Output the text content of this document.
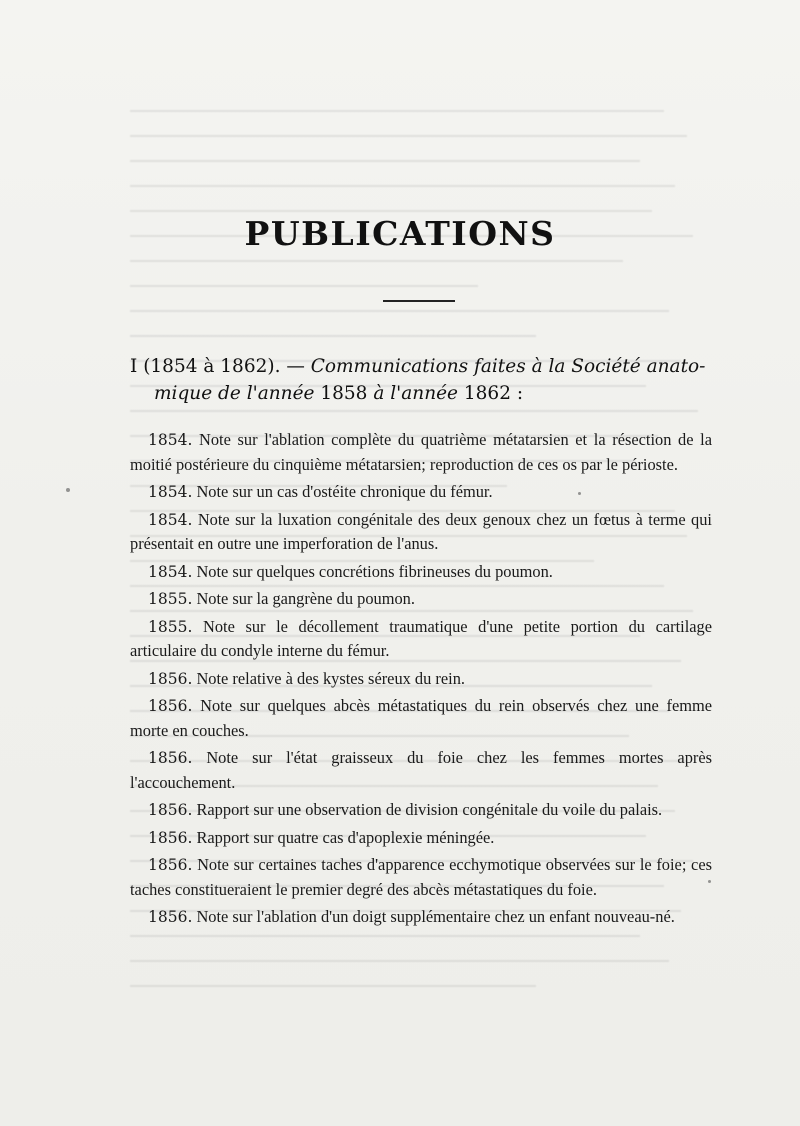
PUBLICATIONS
I (1854 à 1862). — Communications faites à la Société anato-
mique de l'année 1858 à l'année 1862 :

1854. Note sur l'ablation complète du quatrième métatarsien et la résection de la moitié postérieure du cinquième métatarsien; reproduction de ces os par le périoste.

1854. Note sur un cas d'ostéite chronique du fémur.

1854. Note sur la luxation congénitale des deux genoux chez un fœtus à terme qui présentait en outre une imperforation de l'anus.

1854. Note sur quelques concrétions fibrineuses du poumon.

1855. Note sur la gangrène du poumon.

1855. Note sur le décollement traumatique d'une petite portion du cartilage articulaire du condyle interne du fémur.

1856. Note relative à des kystes séreux du rein.

1856. Note sur quelques abcès métastatiques du rein observés chez une femme morte en couches.

1856. Note sur l'état graisseux du foie chez les femmes mortes après l'accouchement.

1856. Rapport sur une observation de division congénitale du voile du palais.

1856. Rapport sur quatre cas d'apoplexie méningée.

1856. Note sur certaines taches d'apparence ecchymotique observées sur le foie; ces taches constitueraient le premier degré des abcès métastatiques du foie.

1856. Note sur l'ablation d'un doigt supplémentaire chez un enfant nouveau-né.
